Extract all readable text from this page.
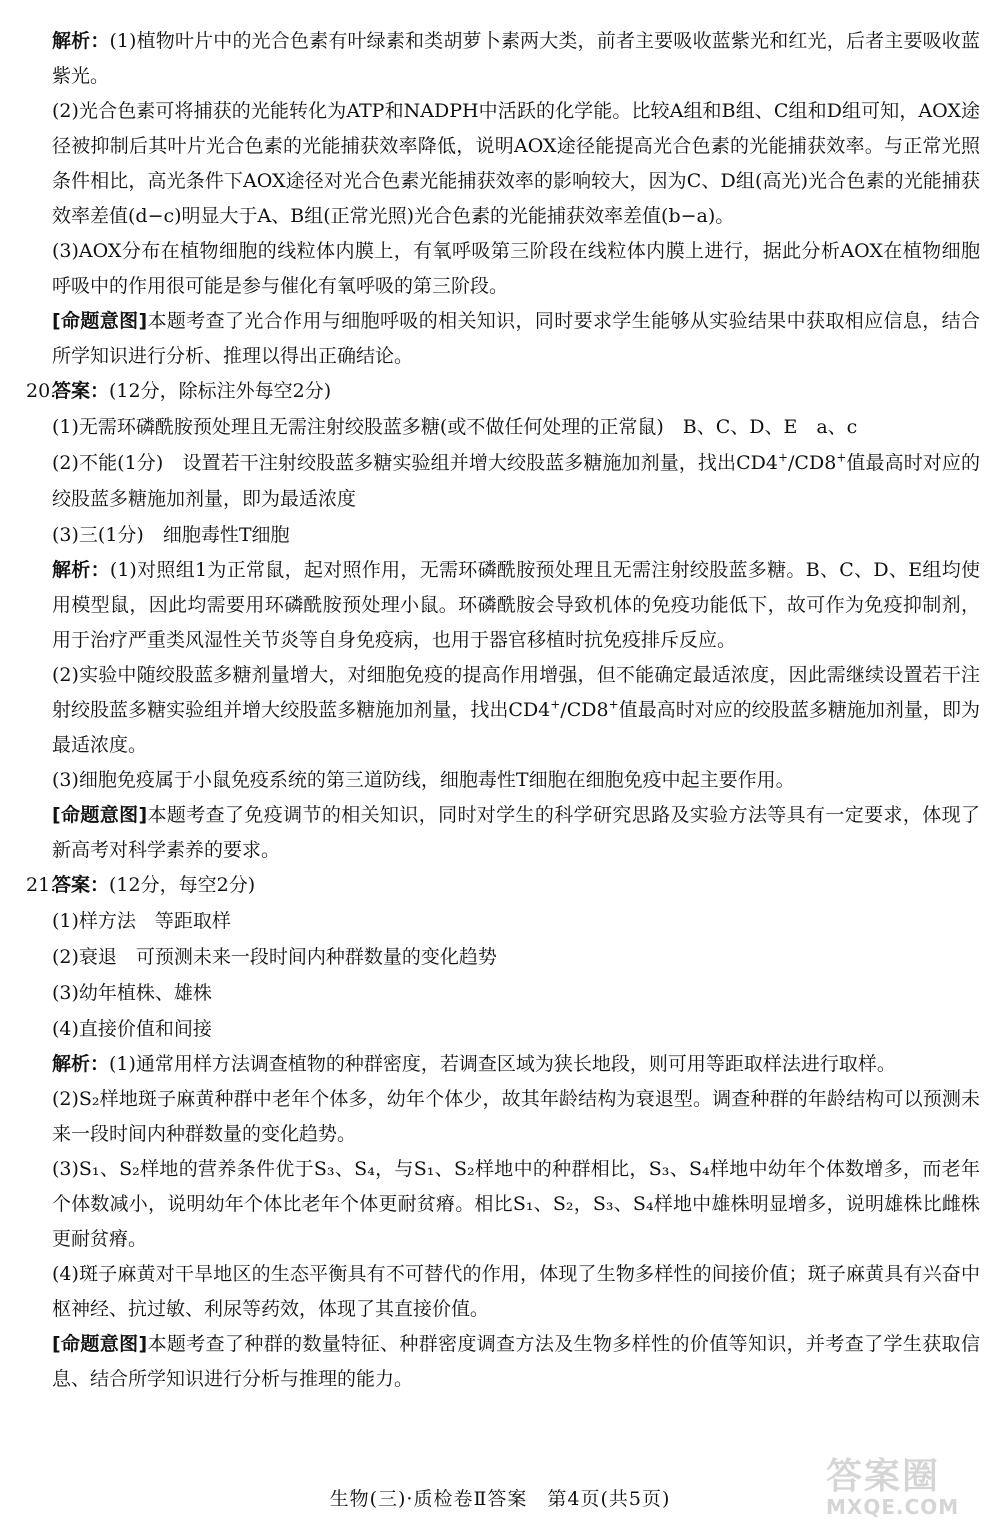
解析：(1)植物叶片中的光合色素有叶绿素和类胡萝卜素两大类，前者主要吸收蓝紫光和红光，后者主要吸收蓝紫光。

(2)光合色素可将捕获的光能转化为ATP和NADPH中活跃的化学能。比较A组和B组、C组和D组可知，AOX途径被抑制后其叶片光合色素的光能捕获效率降低，说明AOX途径能提高光合色素的光能捕获效率。与正常光照条件相比，高光条件下AOX途径对光合色素光能捕获效率的影响较大，因为C、D组(高光)光合色素的光能捕获效率差值(d−c)明显大于A、B组(正常光照)光合色素的光能捕获效率差值(b−a)。

(3)AOX分布在植物细胞的线粒体内膜上，有氧呼吸第三阶段在线粒体内膜上进行，据此分析AOX在植物细胞呼吸中的作用很可能是参与催化有氧呼吸的第三阶段。

[命题意图]本题考查了光合作用与细胞呼吸的相关知识，同时要求学生能够从实验结果中获取相应信息，结合所学知识进行分析、推理以得出正确结论。

20.答案：(12分，除标注外每空2分)

(1)无需环磷酰胺预处理且无需注射绞股蓝多糖(或不做任何处理的正常鼠)　B、C、D、E　a、c

(2)不能(1分)　设置若干注射绞股蓝多糖实验组并增大绞股蓝多糖施加剂量，找出CD4+/CD8+值最高时对应的绞股蓝多糖施加剂量，即为最适浓度

(3)三(1分)　细胞毒性T细胞

解析：(1)对照组1为正常鼠，起对照作用，无需环磷酰胺预处理且无需注射绞股蓝多糖。B、C、D、E组均使用模型鼠，因此均需要用环磷酰胺预处理小鼠。环磷酰胺会导致机体的免疫功能低下，故可作为免疫抑制剂，用于治疗严重类风湿性关节炎等自身免疫病，也用于器官移植时抗免疫排斥反应。

(2)实验中随绞股蓝多糖剂量增大，对细胞免疫的提高作用增强，但不能确定最适浓度，因此需继续设置若干注射绞股蓝多糖实验组并增大绞股蓝多糖施加剂量，找出CD4+/CD8+值最高时对应的绞股蓝多糖施加剂量，即为最适浓度。

(3)细胞免疫属于小鼠免疫系统的第三道防线，细胞毒性T细胞在细胞免疫中起主要作用。

[命题意图]本题考查了免疫调节的相关知识，同时对学生的科学研究思路及实验方法等具有一定要求，体现了新高考对科学素养的要求。

21.答案：(12分，每空2分)

(1)样方法　等距取样

(2)衰退　可预测未来一段时间内种群数量的变化趋势

(3)幼年植株、雄株

(4)直接价值和间接

解析：(1)通常用样方法调查植物的种群密度，若调查区域为狭长地段，则可用等距取样法进行取样。

(2)S₂样地斑子麻黄种群中老年个体多，幼年个体少，故其年龄结构为衰退型。调查种群的年龄结构可以预测未来一段时间内种群数量的变化趋势。

(3)S₁、S₂样地的营养条件优于S₃、S₄，与S₁、S₂样地中的种群相比，S₃、S₄样地中幼年个体数增多，而老年个体数减小，说明幼年个体比老年个体更耐贫瘠。相比S₁、S₂，S₃、S₄样地中雄株明显增多，说明雄株比雌株更耐贫瘠。

(4)斑子麻黄对干旱地区的生态平衡具有不可替代的作用，体现了生物多样性的间接价值；斑子麻黄具有兴奋中枢神经、抗过敏、利尿等药效，体现了其直接价值。

[命题意图]本题考查了种群的数量特征、种群密度调查方法及生物多样性的价值等知识，并考查了学生获取信息、结合所学知识进行分析与推理的能力。

生物(三)·质检卷Ⅱ答案　第4页(共5页)
答案圈
MXQE.COM
